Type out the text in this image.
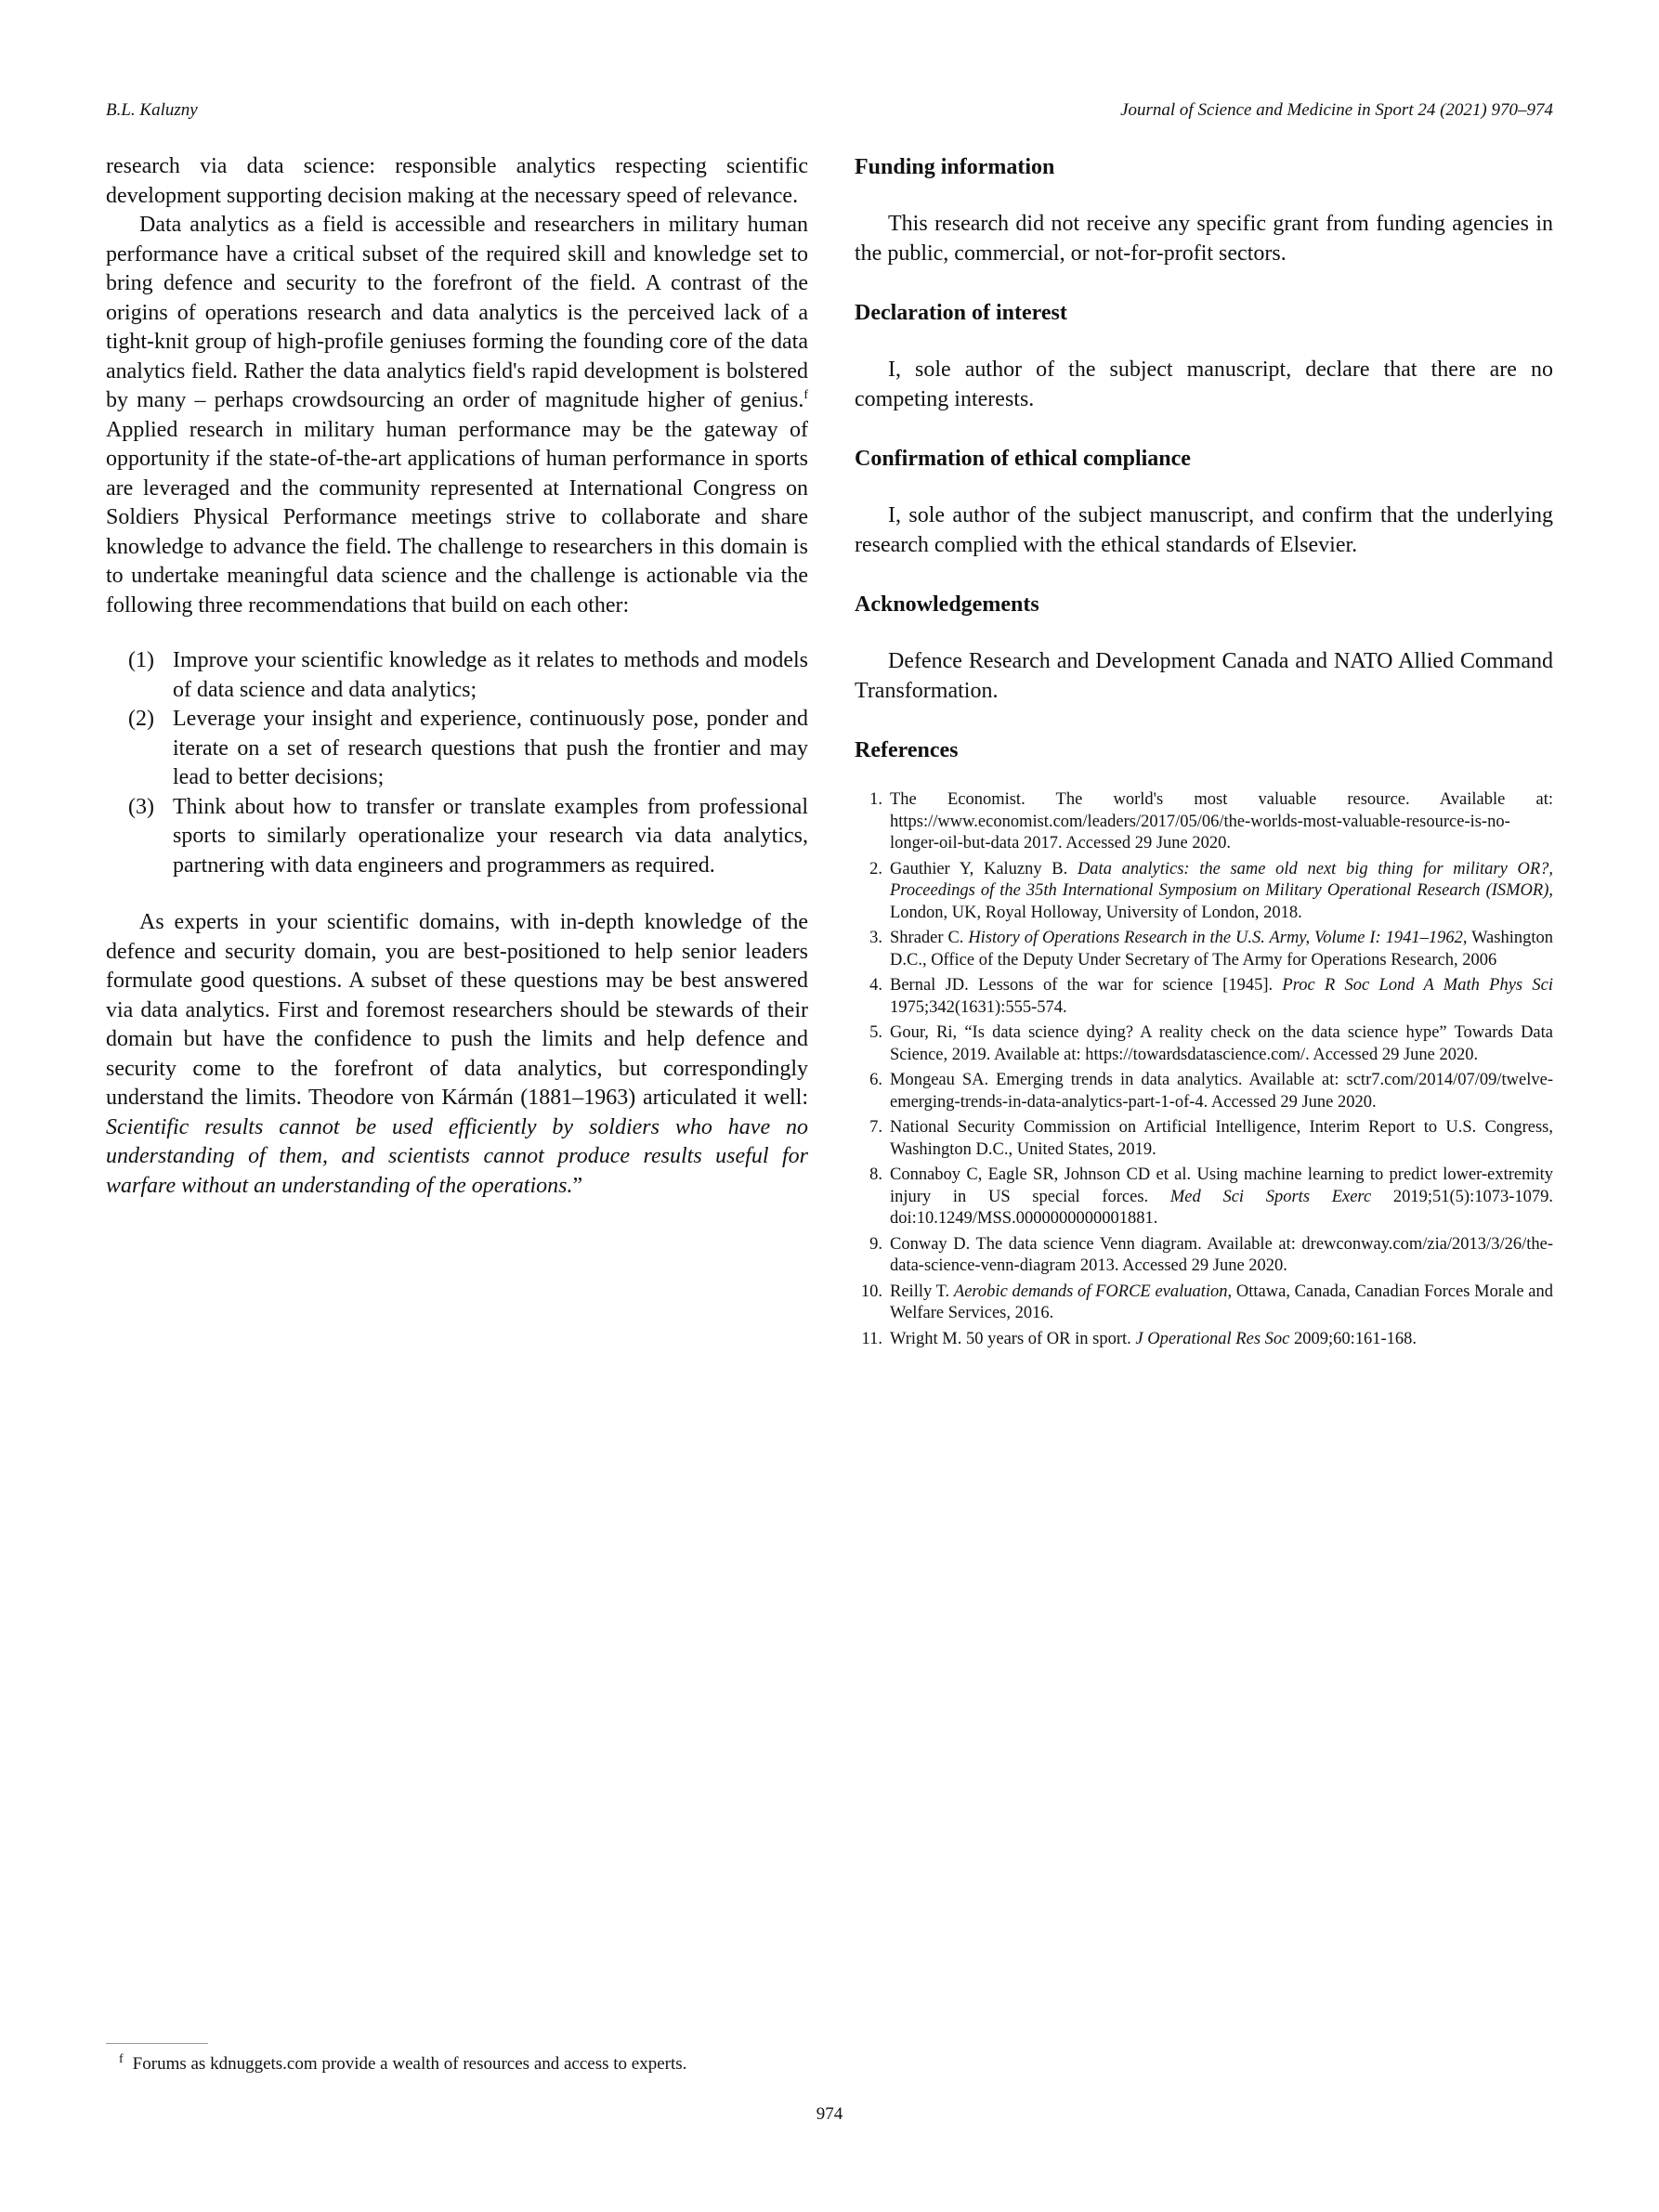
B.L. Kaluzny	Journal of Science and Medicine in Sport 24 (2021) 970–974

research via data science: responsible analytics respecting scientific development supporting decision making at the necessary speed of relevance.

Data analytics as a field is accessible and researchers in military human performance have a critical subset of the required skill and knowledge set to bring defence and security to the forefront of the field. A contrast of the origins of operations research and data analytics is the perceived lack of a tight-knit group of high-profile geniuses forming the founding core of the data analytics field. Rather the data analytics field's rapid development is bolstered by many – perhaps crowdsourcing an order of magnitude higher of genius.$^f$ Applied research in military human performance may be the gateway of opportunity if the state-of-the-art applications of human performance in sports are leveraged and the community represented at International Congress on Soldiers Physical Performance meetings strive to collaborate and share knowledge to advance the field. The challenge to researchers in this domain is to undertake meaningful data science and the challenge is actionable via the following three recommendations that build on each other:

(1) Improve your scientific knowledge as it relates to methods and models of data science and data analytics;
(2) Leverage your insight and experience, continuously pose, ponder and iterate on a set of research questions that push the frontier and may lead to better decisions;
(3) Think about how to transfer or translate examples from professional sports to similarly operationalize your research via data analytics, partnering with data engineers and programmers as required.

As experts in your scientific domains, with in-depth knowledge of the defence and security domain, you are best-positioned to help senior leaders formulate good questions. A subset of these questions may be best answered via data analytics. First and foremost researchers should be stewards of their domain but have the confidence to push the limits and help defence and security come to the forefront of data analytics, but correspondingly understand the limits. Theodore von Kármán (1881–1963) articulated it well: Scientific results cannot be used efficiently by soldiers who have no understanding of them, and scientists cannot produce results useful for warfare without an understanding of the operations.”

Funding information

This research did not receive any specific grant from funding agencies in the public, commercial, or not-for-profit sectors.

Declaration of interest

I, sole author of the subject manuscript, declare that there are no competing interests.

Confirmation of ethical compliance

I, sole author of the subject manuscript, and confirm that the underlying research complied with the ethical standards of Elsevier.

Acknowledgements

Defence Research and Development Canada and NATO Allied Command Transformation.

References
1. The Economist. The world's most valuable resource. Available at: https://www.economist.com/leaders/2017/05/06/the-worlds-most-valuable-resource-is-no-longer-oil-but-data 2017. Accessed 29 June 2020.
2. Gauthier Y, Kaluzny B. Data analytics: the same old next big thing for military OR?, Proceedings of the 35th International Symposium on Military Operational Research (ISMOR), London, UK, Royal Holloway, University of London, 2018.
3. Shrader C. History of Operations Research in the U.S. Army, Volume I: 1941–1962, Washington D.C., Office of the Deputy Under Secretary of The Army for Operations Research, 2006
4. Bernal JD. Lessons of the war for science [1945]. Proc R Soc Lond A Math Phys Sci 1975;342(1631):555-574.
5. Gour, Ri, “Is data science dying? A reality check on the data science hype” Towards Data Science, 2019. Available at: https://towardsdatascience.com/. Accessed 29 June 2020.
6. Mongeau SA. Emerging trends in data analytics. Available at: sctr7.com/2014/07/09/twelve-emerging-trends-in-data-analytics-part-1-of-4. Accessed 29 June 2020.
7. National Security Commission on Artificial Intelligence, Interim Report to U.S. Congress, Washington D.C., United States, 2019.
8. Connaboy C, Eagle SR, Johnson CD et al. Using machine learning to predict lower-extremity injury in US special forces. Med Sci Sports Exerc 2019;51(5):1073-1079. doi:10.1249/MSS.0000000000001881.
9. Conway D. The data science Venn diagram. Available at: drewconway.com/zia/2013/3/26/the-data-science-venn-diagram 2013. Accessed 29 June 2020.
10. Reilly T. Aerobic demands of FORCE evaluation, Ottawa, Canada, Canadian Forces Morale and Welfare Services, 2016.
11. Wright M. 50 years of OR in sport. J Operational Res Soc 2009;60:161-168.
$^f$ Forums as kdnuggets.com provide a wealth of resources and access to experts.
974
